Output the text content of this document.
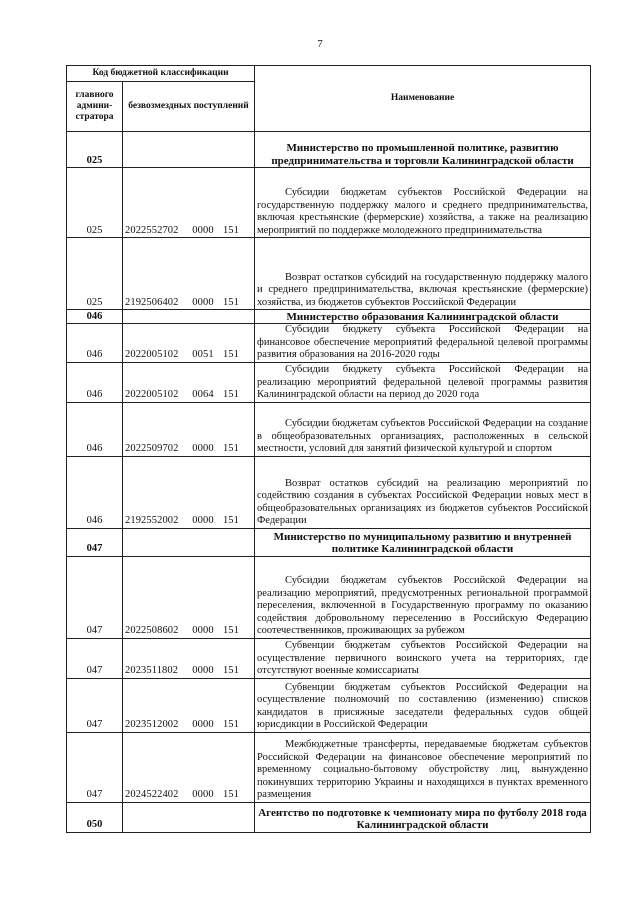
7
Код бюджетной классификации		Наименование
главного админи-стратора	безвозмездных поступлений	
025		Министерство по промышленной политике, развитию предпринимательства и торговли Калининградской области
025	2022552702 0000 151	Субсидии бюджетам субъектов Российской Федерации на государственную поддержку малого и среднего предпринимательства, включая крестьянские (фермерские) хозяйства, а также на реализацию мероприятий по поддержке молодежного предпринимательства
025	2192506402 0000 151	Возврат остатков субсидий на государственную поддержку малого и среднего предпринимательства, включая крестьянские (фермерские) хозяйства, из бюджетов субъектов Российской Федерации
046		Министерство образования Калининградской области
046	2022005102 0051 151	Субсидии бюджету субъекта Российской Федерации на финансовое обеспечение мероприятий федеральной целевой программы развития образования на 2016-2020 годы
046	2022005102 0064 151	Субсидии бюджету субъекта Российской Федерации на реализацию мероприятий федеральной целевой программы развития Калининградской области на период до 2020 года
046	2022509702 0000 151	Субсидии бюджетам субъектов Российской Федерации на создание в общеобразовательных организациях, расположенных в сельской местности, условий для занятий физической культурой и спортом
046	2192552002 0000 151	Возврат остатков субсидий на реализацию мероприятий по содействию создания в субъектах Российской Федерации новых мест в общеобразовательных организациях из бюджетов субъектов Российской Федерации
047		Министерство по муниципальному развитию и внутренней политике Калининградской области
047	2022508602 0000 151	Субсидии бюджетам субъектов Российской Федерации на реализацию мероприятий, предусмотренных региональной программой переселения, включенной в Государственную программу по оказанию содействия добровольному переселению в Российскую Федерацию соотечественников, проживающих за рубежом
047	2023511802 0000 151	Субвенции бюджетам субъектов Российской Федерации на осуществление первичного воинского учета на территориях, где отсутствуют военные комиссариаты
047	2023512002 0000 151	Субвенции бюджетам субъектов Российской Федерации на осуществление полномочий по составлению (изменению) списков кандидатов в присяжные заседатели федеральных судов общей юрисдикции в Российской Федерации
047	2024522402 0000 151	Межбюджетные трансферты, передаваемые бюджетам субъектов Российской Федерации на финансовое обеспечение мероприятий по временному социально-бытовому обустройству лиц, вынужденно покинувших территорию Украины и находящихся в пунктах временного размещения
050		Агентство по подготовке к чемпионату мира по футболу 2018 года Калининградской области
